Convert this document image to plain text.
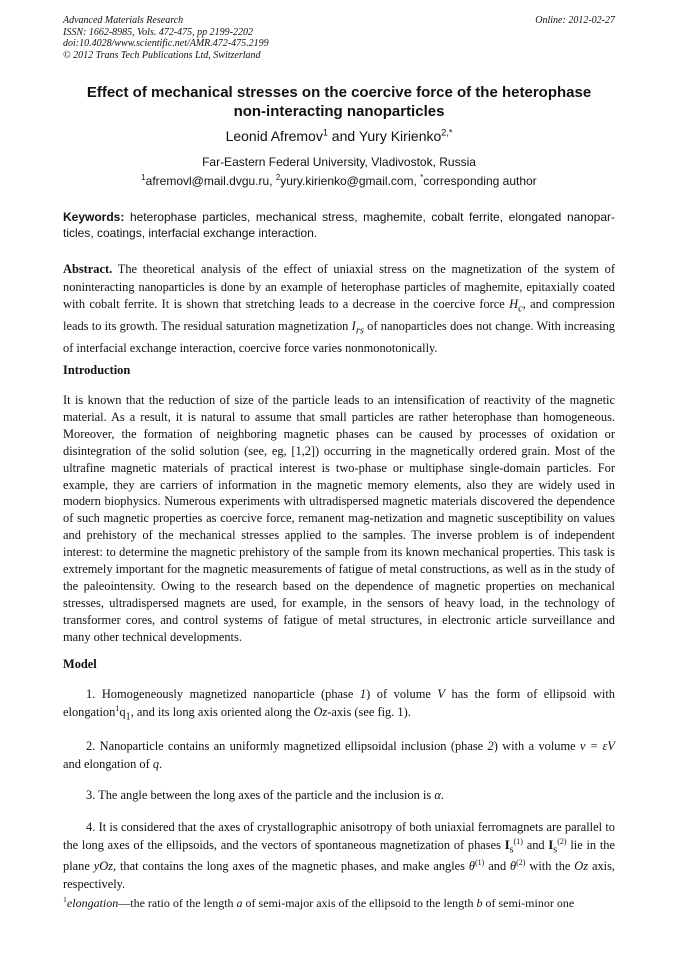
Advanced Materials Research
ISSN: 1662-8985, Vols. 472-475, pp 2199-2202
doi:10.4028/www.scientific.net/AMR.472-475.2199
© 2012 Trans Tech Publications Ltd, Switzerland
Online: 2012-02-27
Effect of mechanical stresses on the coercive force of the heterophase
non-interacting nanoparticles
Leonid Afremov$^1$ and Yury Kirienko$^{2,*}$
Far-Eastern Federal University, Vladivostok, Russia
$^1$afremovl@mail.dvgu.ru, $^2$yury.kirienko@gmail.com, *corresponding author
Keywords: heterophase particles, mechanical stress, maghemite, cobalt ferrite, elongated nanopar-ticles, coatings, interfacial exchange interaction.
Abstract. The theoretical analysis of the effect of uniaxial stress on the magnetization of the system of noninteracting nanoparticles is done by an example of heterophase particles of maghemite, epitaxially coated with cobalt ferrite. It is shown that stretching leads to a decrease in the coercive force $H_c$, and compression leads to its growth. The residual saturation magnetization $I_{rs}$ of nanoparticles does not change. With increasing of interfacial exchange interaction, coercive force varies nonmonotonically.
Introduction
It is known that the reduction of size of the particle leads to an intensification of reactivity of the magnetic material. As a result, it is natural to assume that small particles are rather heterophase than homogeneous. Moreover, the formation of neighboring magnetic phases can be caused by processes of oxidation or disintegration of the solid solution (see, eg, [1,2]) occurring in the magnetically ordered grain. Most of the ultrafine magnetic materials of practical interest is two-phase or multiphase single-domain particles. For example, they are carriers of information in the magnetic memory elements, also they are widely used in modern biophysics. Numerous experiments with ultradispersed magnetic materials discovered the dependence of such magnetic properties as coercive force, remanent mag-netization and magnetic susceptibility on values and prehistory of the mechanical stresses applied to the samples. The inverse problem is of independent interest: to determine the magnetic prehistory of the sample from its known mechanical properties. This task is extremely important for the magnetic measurements of fatigue of metal constructions, as well as in the study of the paleointensity. Owing to the research based on the dependence of magnetic properties on mechanical stresses, ultradispersed magnets are used, for example, in the sensors of heavy load, in the technology of transformer cores, and control systems of fatigue of metal structures, in electronic article surveillance and many other technical developments.
Model
1. Homogeneously magnetized nanoparticle (phase 1) of volume V has the form of ellipsoid with $elongation^1q_1$, and its long axis oriented along the Oz-axis (see fig. 1).
2. Nanoparticle contains an uniformly magnetized ellipsoidal inclusion (phase 2) with a volume v = εV and elongation of q.
3. The angle between the long axes of the particle and the inclusion is α.
4. It is considered that the axes of crystallographic anisotropy of both uniaxial ferromagnets are parallel to the long axes of the ellipsoids, and the vectors of spontaneous magnetization of phases $I_s^{(1)}$ and $I_s^{(2)}$ lie in the plane yOz, that contains the long axes of the magnetic phases, and make angles $\theta^{(1)}$ and $\theta^{(2)}$ with the Oz axis, respectively.
$^1$elongation—the ratio of the length a of semi-major axis of the ellipsoid to the length b of semi-minor one
